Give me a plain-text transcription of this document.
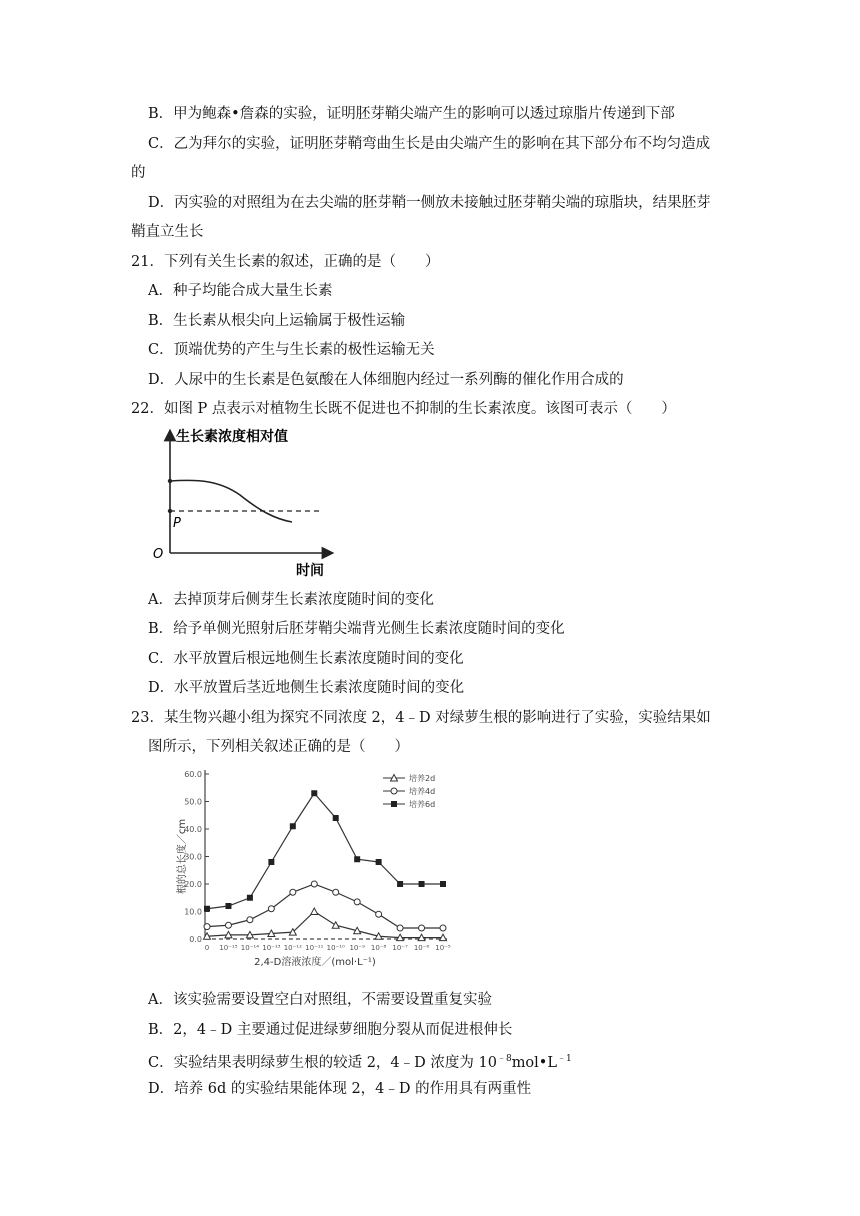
B．甲为鲍森•詹森的实验，证明胚芽鞘尖端产生的影响可以透过琼脂片传递到下部
C．乙为拜尔的实验，证明胚芽鞘弯曲生长是由尖端产生的影响在其下部分布不均匀造成
的
D．丙实验的对照组为在去尖端的胚芽鞘一侧放未接触过胚芽鞘尖端的琼脂块，结果胚芽
鞘直立生长
21．下列有关生长素的叙述，正确的是（　　）
A．种子均能合成大量生长素
B．生长素从根尖向上运输属于极性运输
C．顶端优势的产生与生长素的极性运输无关
D．人尿中的生长素是色氨酸在人体细胞内经过一系列酶的催化作用合成的
22．如图 P 点表示对植物生长既不促进也不抑制的生长素浓度。该图可表示（　　）
生长素浓度相对值
P
O
时间
A．去掉顶芽后侧芽生长素浓度随时间的变化
B．给予单侧光照射后胚芽鞘尖端背光侧生长素浓度随时间的变化
C．水平放置后根远地侧生长素浓度随时间的变化
D．水平放置后茎近地侧生长素浓度随时间的变化
23．某生物兴趣小组为探究不同浓度 2，4﹣D 对绿萝生根的影响进行了实验，实验结果如
图所示，下列相关叙述正确的是（　　）
0.0
10.0
20.0
30.0
40.0
50.0
60.0
0 10⁻¹⁵ 10⁻¹⁴ 10⁻¹³ 10⁻¹² 10⁻¹¹ 10⁻¹⁰ 10⁻⁹ 10⁻⁸ 10⁻⁷ 10⁻⁶ 10⁻⁵
根的总长度／cm
2,4-D溶液浓度／(mol·L⁻¹)
培养2d
培养4d
培养6d
A．该实验需要设置空白对照组，不需要设置重复实验
B．2，4﹣D 主要通过促进绿萝细胞分裂从而促进根伸长
C．实验结果表明绿萝生根的较适 2，4﹣D 浓度为 $10^{﹣8}mol•L^{﹣1}$
D．培养 6d 的实验结果能体现 2，4﹣D 的作用具有两重性
